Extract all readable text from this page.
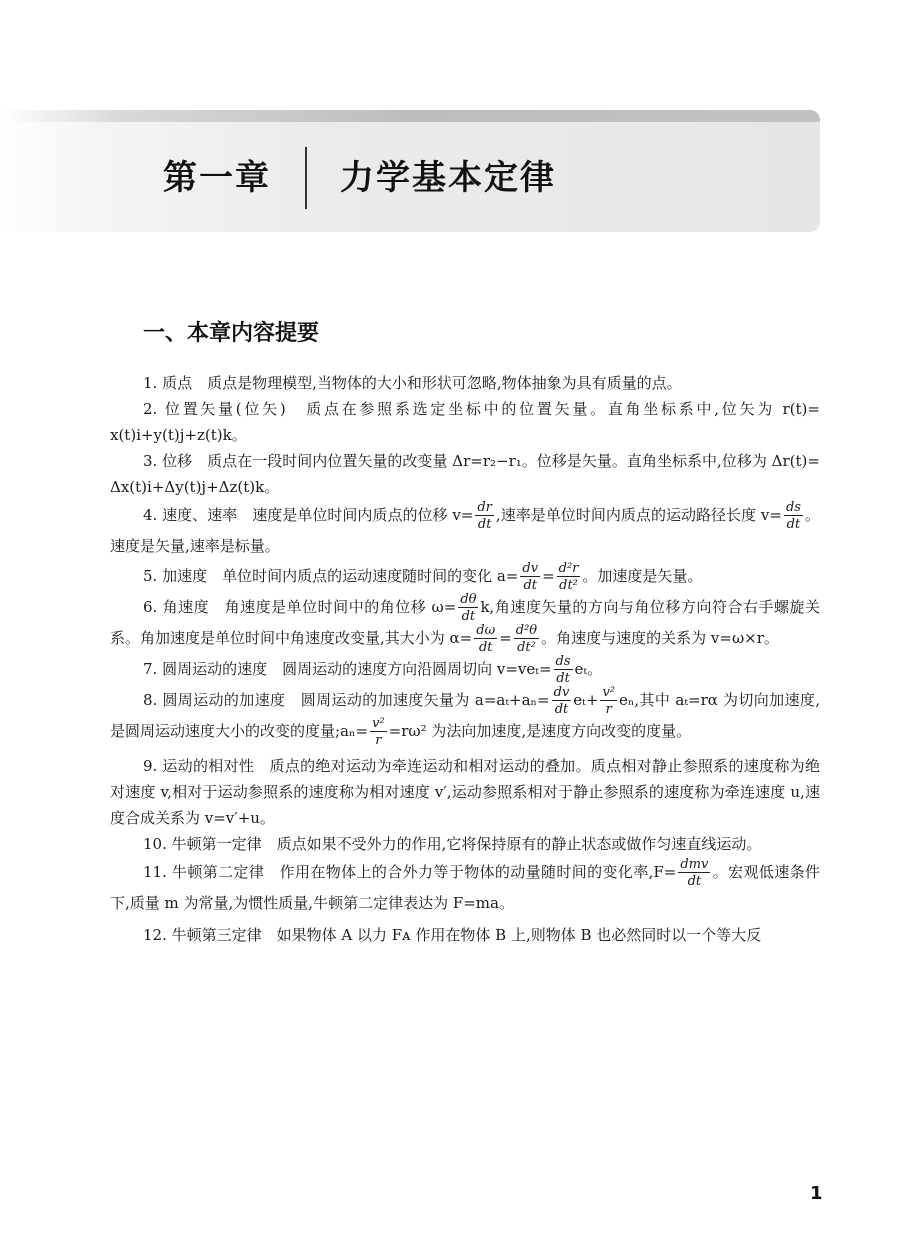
第一章 力学基本定律
一、本章内容提要

1. 质点　质点是物理模型,当物体的大小和形状可忽略,物体抽象为具有质量的点。

2. 位置矢量(位矢)　质点在参照系选定坐标中的位置矢量。直角坐标系中,位矢为 r(t)= x(t)i+y(t)j+z(t)k。

3. 位移　质点在一段时间内位置矢量的改变量 Δr=r₂−r₁。位移是矢量。直角坐标系中,位移为 Δr(t)= Δx(t)i+Δy(t)j+Δz(t)k。

4. 速度、速率　速度是单位时间内质点的位移 $v= \frac{dr}{dt}$ ,速率是单位时间内质点的运动路径长度 $v= \frac{ds}{dt}$ 。速度是矢量,速率是标量。

5. 加速度　单位时间内质点的运动速度随时间的变化 $a= \frac{dv}{dt} = \frac{\text{d²r}}{\text{dt²}}$ 。加速度是矢量。

6. 角速度　角速度是单位时间中的角位移 $\omega= \frac{d\theta}{dt} k$,角速度矢量的方向与角位移方向符合右手螺旋关系。角加速度是单位时间中角速度改变量,其大小为 $\alpha= \frac{d\omega}{dt} = \frac{\text{d²θ}}{\text{dt²}}$ 。角速度与速度的关系为 v=ω×r。

7. 圆周运动的速度　圆周运动的速度方向沿圆周切向 $v=ve_t= \frac{ds}{dt}$ eₜ。

8. 圆周运动的加速度　圆周运动的加速度矢量为 $a=a_t+a_n= \frac{dv}{dt} e_t+ \frac{\text{v²}}{r} e_n$,其中 aₜ=rα 为切向加速度,是圆周运动速度大小的改变的度量;aₙ= $\frac{\text{v²}}{r} =r\omega^2$ 为法向加速度,是速度方向改变的度量。

9. 运动的相对性　质点的绝对运动为牵连运动和相对运动的叠加。质点相对静止参照系的速度称为绝对速度 v,相对于运动参照系的速度称为相对速度 v′,运动参照系相对于静止参照系的速度称为牵连速度 u,速度合成关系为 v=v′+u。

10. 牛顿第一定律　质点如果不受外力的作用,它将保持原有的静止状态或做作匀速直线运动。

11. 牛顿第二定律　作用在物体上的合外力等于物体的动量随时间的变化率$,F= \frac{\text{dmv}}{dt}$ 。宏观低速条件下,质量 m 为常量,为惯性质量,牛顿第二定律表达为 F=ma。

12. 牛顿第三定律　如果物体 A 以力 Fᴀ 作用在物体 B 上,则物体 B 也必然同时以一个等大反

1
